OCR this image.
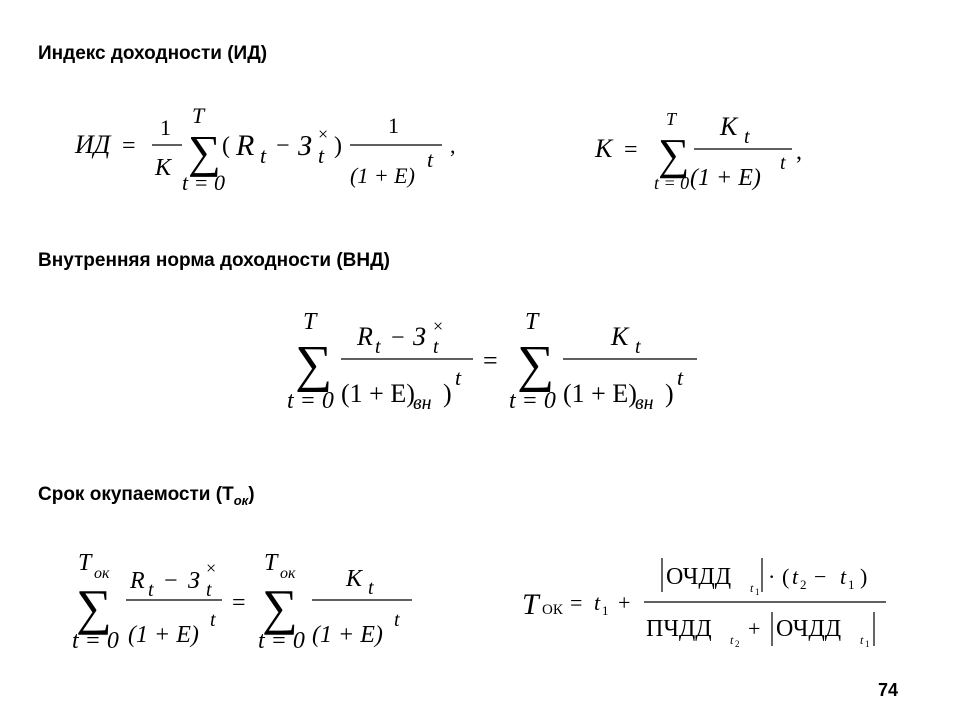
Индекс доходности (ИД)
Внутренняя норма доходности (ВНД)
Срок окупаемости $(T_{ок})$
ИД =
1
K
T
∑
t = 0
( R t − З ×
t )
1
(1 + E)
t
,	K =
T
∑
t = 0
K t
(1 + E)
t ,
T
∑
t = 0
R t − З ×
t
(1 + E)
вн )
t
=
T
∑
t = 0
K t
(1 + E)
вн )
t
T ок
∑
t = 0
R t − З ×
t
(1 + E)
t
=
T ок
∑
t = 0
K t
(1 + E)
t	T ОК = t 1 +
ОЧДД t 1
· ( t 2 − t 1 )
ПЧДД t 2
+ ОЧДД t 1
74
